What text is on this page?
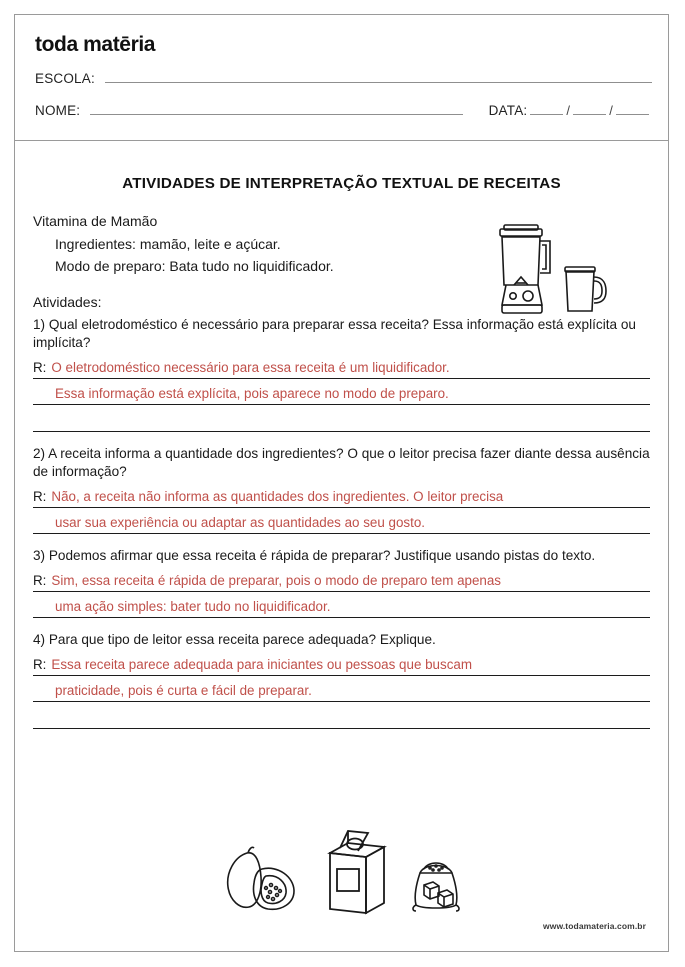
toda matēria
ESCOLA:
NOME:	DATA:	/	/
ATIVIDADES DE INTERPRETAÇÃO TEXTUAL DE RECEITAS
Vitamina de Mamão
Ingredientes: mamão, leite e açúcar.
Modo de preparo: Bata tudo no liquidificador.
Atividades:
1) Qual eletrodoméstico é necessário para preparar essa receita? Essa informação está explícita ou implícita?
R: O eletrodoméstico necessário para essa receita é um liquidificador.
Essa informação está explícita, pois aparece no modo de preparo.
2) A receita informa a quantidade dos ingredientes? O que o leitor precisa fazer diante dessa ausência de informação?
R: Não, a receita não informa as quantidades dos ingredientes. O leitor precisa
usar sua experiência ou adaptar as quantidades ao seu gosto.
3) Podemos afirmar que essa receita é rápida de preparar? Justifique usando pistas do texto.
R: Sim, essa receita é rápida de preparar, pois o modo de preparo tem apenas
uma ação simples: bater tudo no liquidificador.
4) Para que tipo de leitor essa receita parece adequada? Explique.
R: Essa receita parece adequada para iniciantes ou pessoas que buscam
praticidade, pois é curta e fácil de preparar.
www.todamateria.com.br
